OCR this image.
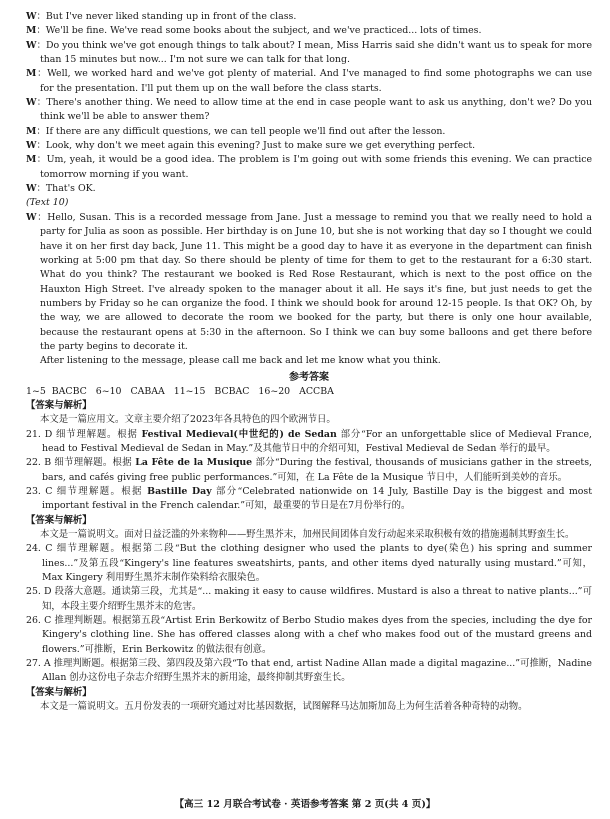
W：But I've never liked standing up in front of the class.

M：We'll be fine. We've read some books about the subject, and we've practiced... lots of times.

W：Do you think we've got enough things to talk about? I mean, Miss Harris said she didn't want us to speak for more than 15 minutes but now... I'm not sure we can talk for that long.

M：Well, we worked hard and we've got plenty of material. And I've managed to find some photographs we can use for the presentation. I'll put them up on the wall before the class starts.

W：There's another thing. We need to allow time at the end in case people want to ask us anything, don't we? Do you think we'll be able to answer them?

M：If there are any difficult questions, we can tell people we'll find out after the lesson.

W：Look, why don't we meet again this evening? Just to make sure we get everything perfect.

M：Um, yeah, it would be a good idea. The problem is I'm going out with some friends this evening. We can practice tomorrow morning if you want.

W：That's OK.

(Text 10)

W：Hello, Susan. This is a recorded message from Jane. Just a message to remind you that we really need to hold a party for Julia as soon as possible. Her birthday is on June 10, but she is not working that day so I thought we could have it on her first day back, June 11. This might be a good day to have it as everyone in the department can finish working at 5:00 pm that day. So there should be plenty of time for them to get to the restaurant for a 6:30 start. What do you think? The restaurant we booked is Red Rose Restaurant, which is next to the post office on the Hauxton High Street. I've already spoken to the manager about it all. He says it's fine, but just needs to get the numbers by Friday so he can organize the food. I think we should book for around 12-15 people. Is that OK? Oh, by the way, we are allowed to decorate the room we booked for the party, but there is only one hour available, because the restaurant opens at 5:30 in the afternoon. So I think we can buy some balloons and get there before the party begins to decorate it.

After listening to the message, please call me back and let me know what you think.

参考答案

1~5  BACBC   6~10   CABAA   11~15   BCBAC   16~20   ACCBA

【答案与解析】

本文是一篇应用文。文章主要介绍了2023年各具特色的四个欧洲节日。

21. D 细节理解题。根据 Festival Medieval(中世纪的) de Sedan 部分“For an unforgettable slice of Medieval France, head to Festival Medieval de Sedan in May.”及其他节日中的介绍可知，Festival Medieval de Sedan 举行的最早。

22. B 细节理解题。根据 La Fête de la Musique 部分“During the festival, thousands of musicians gather in the streets, bars, and cafés giving free public performances.”可知，在 La Fête de la Musique 节日中，人们能听到美妙的音乐。

23. C 细节理解题。根据 Bastille Day 部分“Celebrated nationwide on 14 July, Bastille Day is the biggest and most important festival in the French calendar.”可知，最重要的节日是在7月份举行的。

【答案与解析】

本文是一篇说明文。面对日益泛滥的外来物种——野生黑芥末，加州民间团体自发行动起来采取积极有效的措施遏制其野蛮生长。

24. C 细节理解题。根据第二段“But the clothing designer who used the plants to dye(染色) his spring and summer lines...”及第五段“Kingery's line features sweatshirts, pants, and other items dyed naturally using mustard.”可知，Max Kingery 利用野生黑芥末制作染料给衣服染色。

25. D 段落大意题。通读第三段，尤其是“... making it easy to cause wildfires. Mustard is also a threat to native plants...”可知，本段主要介绍野生黑芥末的危害。

26. C 推理判断题。根据第五段“Artist Erin Berkowitz of Berbo Studio makes dyes from the species, including the dye for Kingery's clothing line. She has offered classes along with a chef who makes food out of the mustard greens and flowers.”可推断，Erin Berkowitz 的做法很有创意。

27. A 推理判断题。根据第三段、第四段及第六段“To that end, artist Nadine Allan made a digital magazine...”可推断，Nadine Allan 创办这份电子杂志介绍野生黑芥末的新用途，最终抑制其野蛮生长。

【答案与解析】

本文是一篇说明文。五月份发表的一项研究通过对比基因数据，试图解释马达加斯加岛上为何生活着各种奇特的动物。

【高三 12 月联合考试卷 · 英语参考答案 第 2 页(共 4 页)】
